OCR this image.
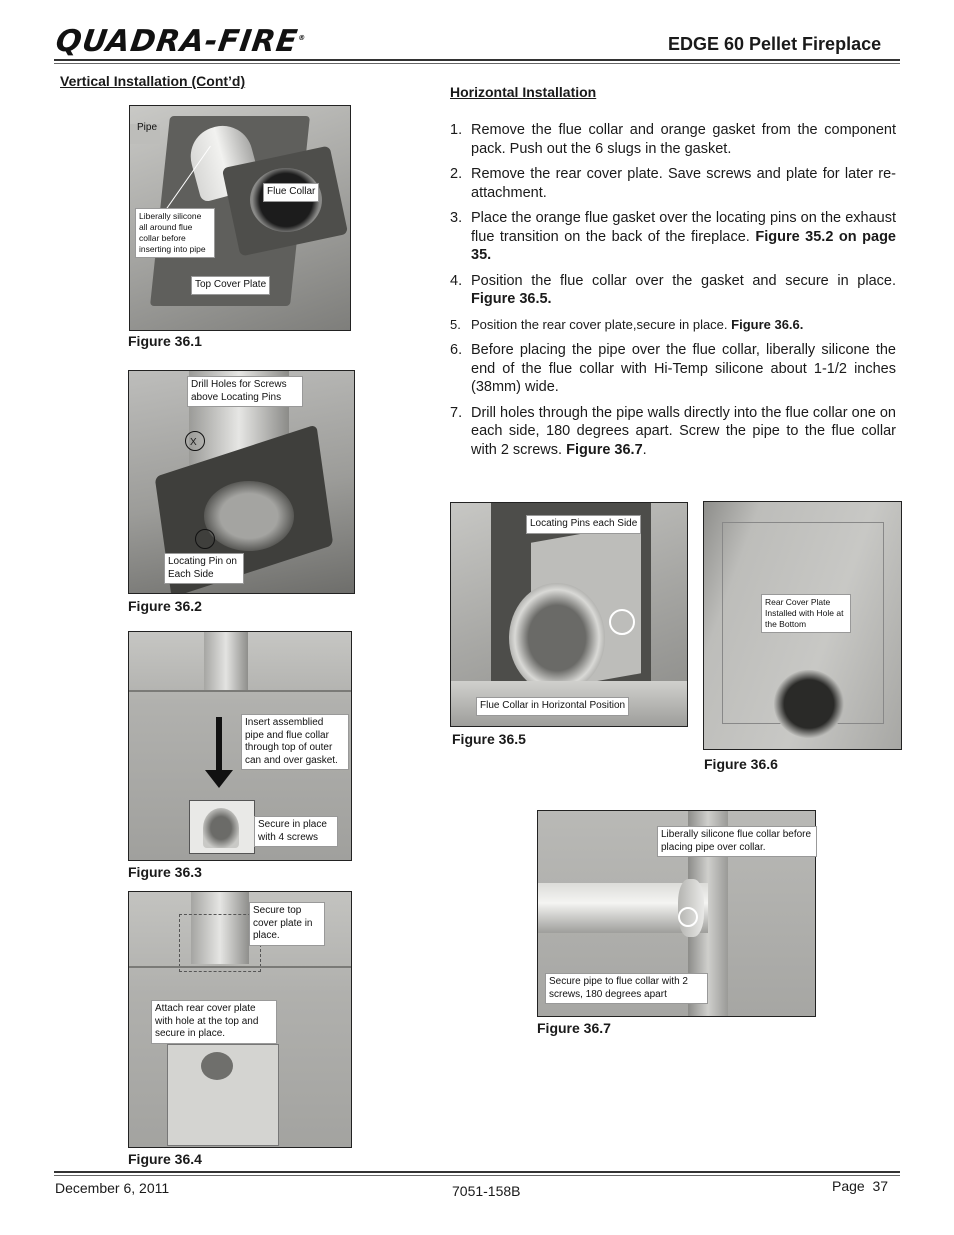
QUADRA-FIRE®	EDGE 60 Pellet Fireplace
Vertical Installation (Cont’d)
Pipe
Flue Collar
Liberally silicone all around flue collar before inserting into pipe
Top Cover Plate
Figure 36.1
Drill Holes for Screws above Locating Pins
X
Locating Pin on Each Side
Figure 36.2
Insert assemblied pipe and flue collar through top of outer can and over gasket.
Secure in place with 4 screws
Figure 36.3
Secure top cover plate in place.
Attach rear cover plate with hole at the top and secure in place.
Figure 36.4
Horizontal Installation
1. Remove the flue collar and orange gasket from the component pack. Push out the 6 slugs in the gasket.
2. Remove the rear cover plate. Save screws and plate for later re-attachment.
3. Place the orange flue gasket over the locating pins on the exhaust flue transition on the back of the fireplace. Figure 35.2 on page 35.
4. Position the flue collar over the gasket and secure in place. Figure 36.5.
5. Position the rear cover plate,secure in place. Figure 36.6.
6. Before placing the pipe over the flue collar, liberally silicone the end of the flue collar with Hi-Temp silicone about 1-1/2 inches (38mm) wide.
7. Drill holes through the pipe walls directly into the flue collar one on each side, 180 degrees apart. Screw the pipe to the flue collar with 2 screws. Figure 36.7.
Locating Pins each Side
Flue Collar in Horizontal Position
Figure 36.5
Rear Cover Plate Installed with Hole at the Bottom
Figure 36.6
Liberally silicone flue collar before placing pipe over collar.
Secure pipe to flue collar with 2 screws, 180 degrees apart
Figure 36.7
December 6, 2011	7051-158B	Page  37
